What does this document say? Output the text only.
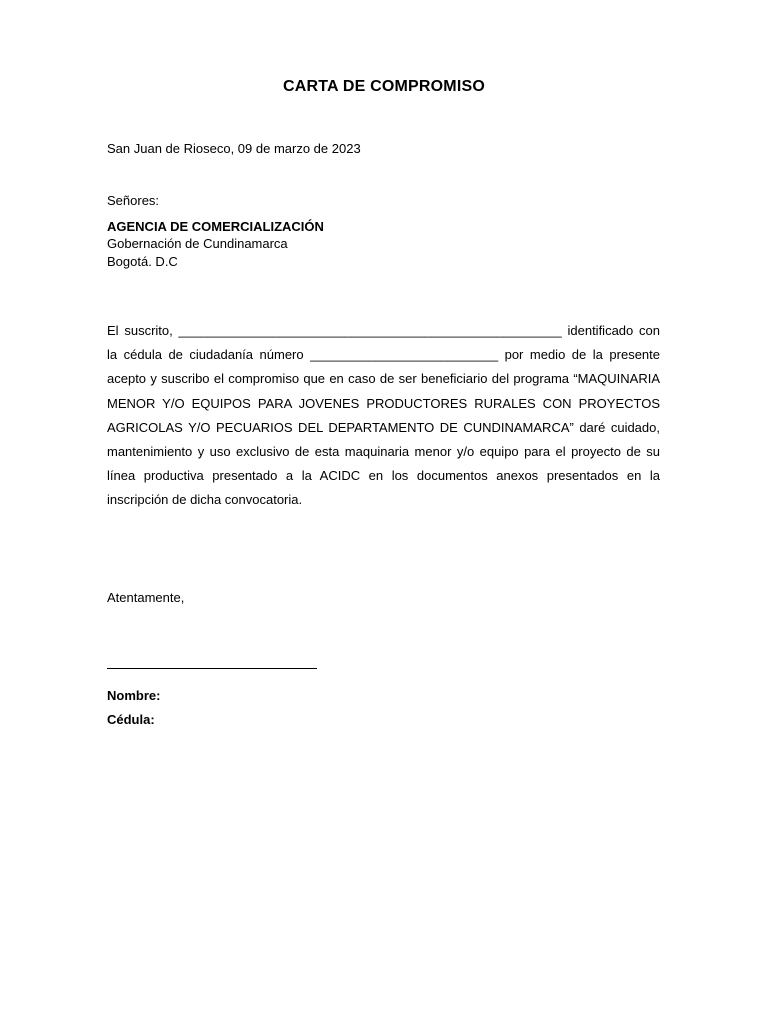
CARTA DE COMPROMISO
San Juan de Rioseco, 09 de marzo de 2023
Señores:
AGENCIA DE COMERCIALIZACIÓN
Gobernación de Cundinamarca
Bogotá. D.C
El suscrito, _____________________________________________________ identificado con la cédula de ciudadanía número __________________________ por medio de la presente acepto y suscribo el compromiso que en caso de ser beneficiario del programa “MAQUINARIA MENOR Y/O EQUIPOS PARA JOVENES PRODUCTORES RURALES CON PROYECTOS AGRICOLAS Y/O PECUARIOS DEL DEPARTAMENTO DE CUNDINAMARCA” daré cuidado, mantenimiento y uso exclusivo de esta maquinaria menor y/o equipo para el proyecto de su línea productiva presentado a la ACIDC en los documentos anexos presentados en la inscripción de dicha convocatoria.
Atentamente,
Nombre:
Cédula:
